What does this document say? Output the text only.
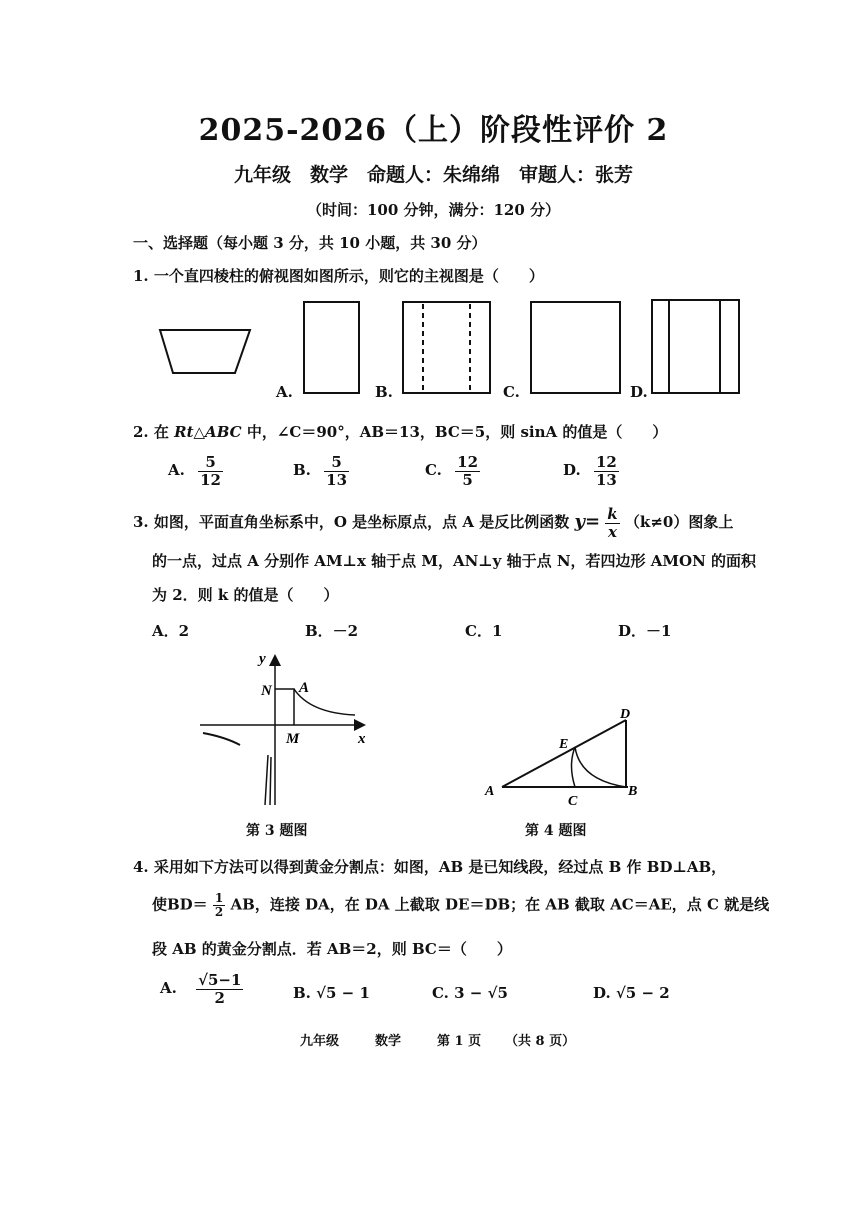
2025-2026（上）阶段性评价 2
九年级　数学　命题人：朱绵绵　审题人：张芳
（时间：100 分钟，满分：120 分）
一、选择题（每小题 3 分，共 10 小题，共 30 分）
1. 一个直四棱柱的俯视图如图所示，则它的主视图是（　　）
A.	B.	C.	D.
2. 在 Rt△ABC 中，∠C＝90°，AB＝13，BC＝5，则 sinA 的值是（　　）
A. $\frac{5}{12}$	B. $\frac{5}{13}$	C. $\frac{12}{5}$	D. $\frac{12}{13}$
3. 如图，平面直角坐标系中，O 是坐标原点，点 A 是反比例函数 $y= \frac{k}{x} (k\ne 0)$图象上
的一点，过点 A 分别作 AM⊥x 轴于点 M，AN⊥y 轴于点 N，若四边形 AMON 的面积
为 2．则 k 的值是（　　）
A．2	B．－2	C．1	D．－1
y
x
N A
M
第 3 题图
D
E
A	B
C
第 4 题图
4. 采用如下方法可以得到黄金分割点：如图，AB 是已知线段，经过点 B 作 BD⊥AB，
使$BD= \frac{1}{2}$ AB，连接 DA，在 DA 上截取 DE＝DB；在 AB 截取 AC＝AE，点 C 就是线
段 AB 的黄金分割点．若 AB＝2，则 BC＝（　　）
A. $\frac{√5-1}{2}$	B. √5 − 1	C. 3 − √5	D. √5 − 2
九年级	数学	第 1 页 （共 8 页）
